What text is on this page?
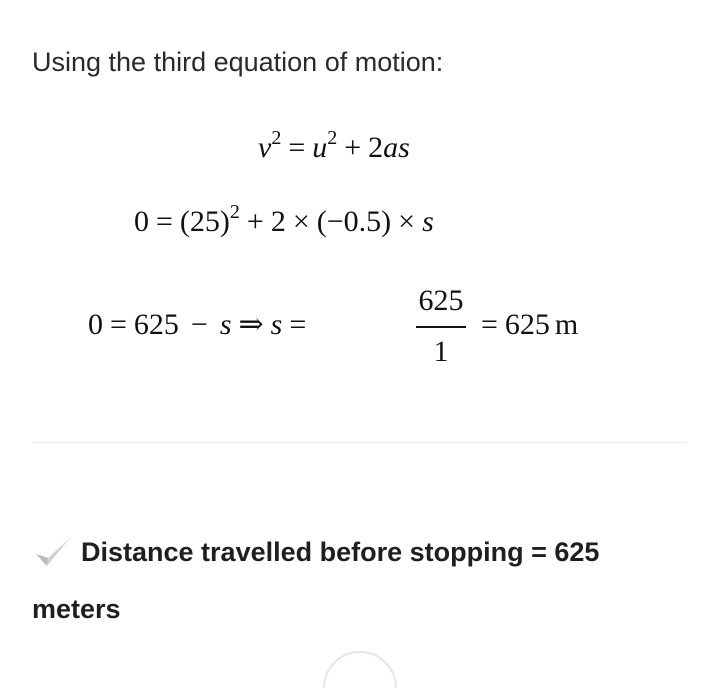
Using the third equation of motion:
$v^2 = u^2 + 2as$
$0 = (25)^2 + 2 \times (-0.5) \times s$
0 = 625 − s ⇒ s =
625
1
= 625 m
Distance travelled before stopping = 625
meters
